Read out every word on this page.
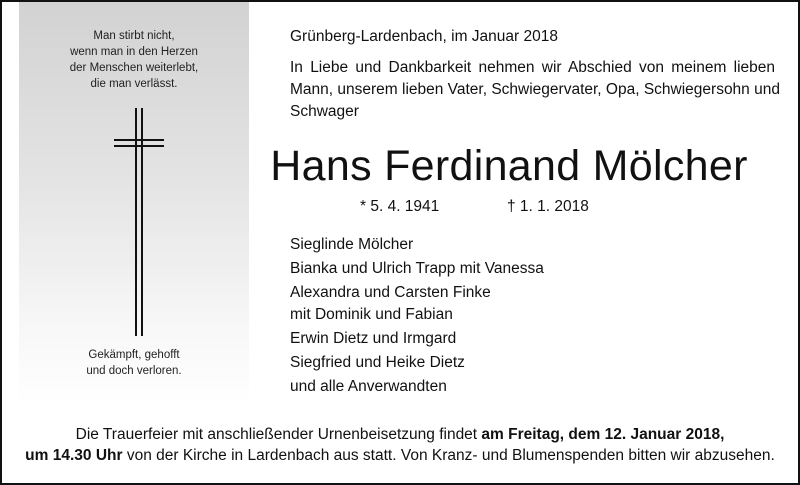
Man stirbt nicht,
wenn man in den Herzen
der Menschen weiterlebt,
die man verlässt.
Gekämpft, gehofft
und doch verloren.
Grünberg-Lardenbach, im Januar 2018
In Liebe und Dankbarkeit nehmen wir Abschied von meinem lieben
Mann, unserem lieben Vater, Schwiegervater, Opa, Schwiegersohn und
Schwager
Hans Ferdinand Mölcher
* 5. 4. 1941	† 1. 1. 2018
Sieglinde Mölcher
Bianka und Ulrich Trapp mit Vanessa
Alexandra und Carsten Finke
mit Dominik und Fabian
Erwin Dietz und Irmgard
Siegfried und Heike Dietz
und alle Anverwandten
Die Trauerfeier mit anschließender Urnenbeisetzung findet am Freitag, dem 12. Januar 2018,
um 14.30 Uhr von der Kirche in Lardenbach aus statt. Von Kranz- und Blumenspenden bitten wir abzusehen.
